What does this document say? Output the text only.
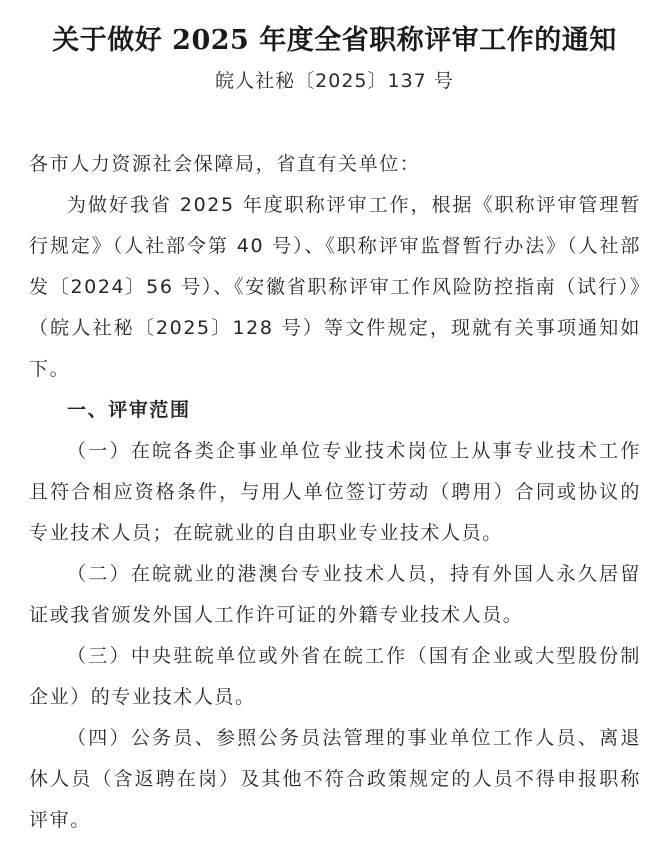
关于做好 2025 年度全省职称评审工作的通知
皖人社秘〔2025〕137 号

各市人力资源社会保障局，省直有关单位：

为做好我省 2025 年度职称评审工作，根据《职称评审管理暂行规定》（人社部令第 40 号）、《职称评审监督暂行办法》（人社部发〔2024〕56 号）、《安徽省职称评审工作风险防控指南（试行）》（皖人社秘〔2025〕128 号）等文件规定，现就有关事项通知如下。

一、评审范围

（一）在皖各类企事业单位专业技术岗位上从事专业技术工作且符合相应资格条件，与用人单位签订劳动（聘用）合同或协议的专业技术人员；在皖就业的自由职业专业技术人员。

（二）在皖就业的港澳台专业技术人员，持有外国人永久居留证或我省颁发外国人工作许可证的外籍专业技术人员。

（三）中央驻皖单位或外省在皖工作（国有企业或大型股份制企业）的专业技术人员。

（四）公务员、参照公务员法管理的事业单位工作人员、离退休人员（含返聘在岗）及其他不符合政策规定的人员不得申报职称评审。
